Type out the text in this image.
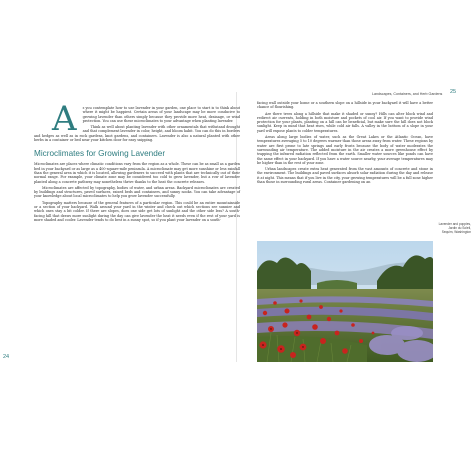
A	s you contemplate how to use lavender in your garden, one place to start is to think about where it might be happiest. Certain areas of your landscape may be more conducive to growing lavender than others simply because they provide more heat, drainage, or wind protection. You can use these microclimates to your advantage when planting lavender.

Think as well about planting lavender with other ornamentals that withstand drought and that complement lavender in color, height, and bloom habit. You can do this in borders and hedges as well as in rock gardens, knot gardens, and containers. Lavender is also a natural planted with other herbs in a container or bed near your kitchen door for easy snipping.

Microclimates for Growing Lavender

Microclimates are places where climatic conditions vary from the region as a whole. These can be as small as a garden bed in your backyard or as large as a 400-square-mile peninsula. A microclimate may get more sunshine or less rainfall than the general area in which it is located, allowing gardeners to succeed with plants that are technically out of their normal range. For example, your climate zone may be considered too cold to grow lavender, but a row of lavender planted along a concrete pathway may nonetheless thrive thanks to the heat the concrete releases.

Microclimates are affected by topography, bodies of water, and urban areas. Backyard microclimates are created by buildings and structures, paved surfaces, raised beds and containers, and sunny nooks. You can take advantage of your knowledge about local microclimates to help you grow lavender successfully.

Topography matters because of the general features of a particular region. This could be an entire mountainside or a section of your backyard. Walk around your yard in the winter and check out which sections see sunnier and which ones stay a bit colder. If there are slopes, does one side get lots of sunlight and the other side less? A south-facing hill that draws more sunlight during the day can give lavender the heat it needs even if the rest of your yard is more shaded and cooler. Lavender tends to do best in a sunny spot, so if you plant your lavender on a south-

24
Landscapes, Containers, and Herb Gardens 25

facing wall outside your home or a southern slope on a hillside in your backyard it will have a better chance of flourishing.

Are there trees along a hillside that make it shaded or sunny? Hills can alter block wind and redirect air currents, holding in both moisture and pockets of cool air. If you want to provide wind protection for your plants, planting on a hill can be beneficial, but make sure the hill does not block sunlight. Keep in mind that heat rises, while cold air falls. A valley in the bottom of a slope in your yard will expose plants to colder temperatures.

Areas along large bodies of water, such as the Great Lakes or the Atlantic Ocean, have temperatures averaging 5 to 10 degrees warmer than those areas away from water. These regions by water are first prone to late springs and early frosts because the body of water moderates the surrounding air temperature. The added moisture in the air creates a more greenhouse effect by trapping the infrared radiation reflected from the earth. Smaller water sources like ponds can have the same effect in your backyard. If you have a water source nearby, your average temperatures may be higher than in the rest of your zone.

Urban landscapes create extra heat generated from the vast amounts of concrete and stone in the environment. The buildings and paved surfaces absorb solar radiation during the day and release it at night. This means that if you live in the city, your growing temperatures will be a full zone higher than those in surrounding rural areas. Container gardening on an

Lavender and poppies, Jardin du Soleil, Sequim, Washington
